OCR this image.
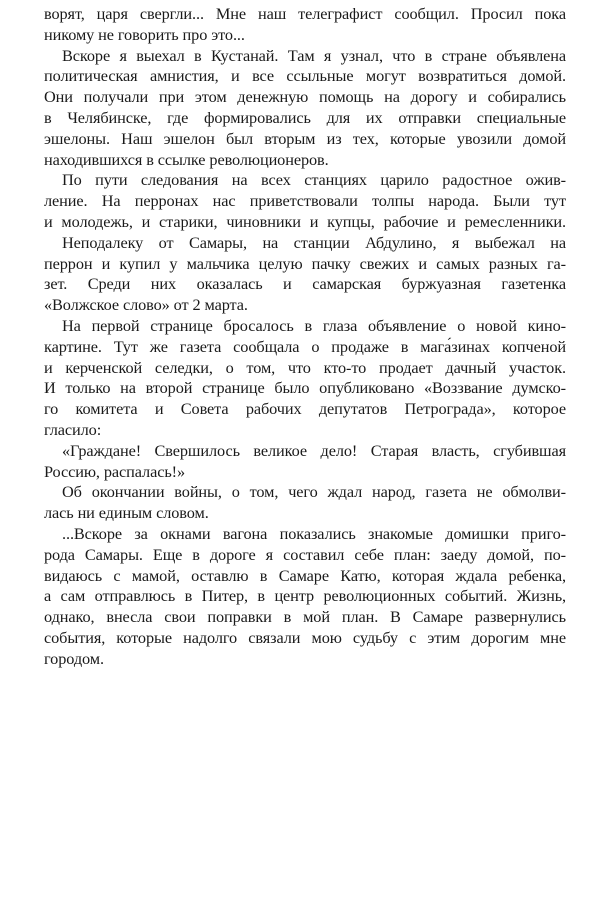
ворят, царя свергли... Мне наш телеграфист сообщил. Просил пока
никому не говорить про это...
Вскоре я выехал в Кустанай. Там я узнал, что в стране объявлена
политическая амнистия, и все ссыльные могут возвратиться домой.
Они получали при этом денежную помощь на дорогу и собирались
в Челябинске, где формировались для их отправки специальные
эшелоны. Наш эшелон был вторым из тех, которые увозили домой
находившихся в ссылке революционеров.
По пути следования на всех станциях царило радостное ожив-
ление. На перронах нас приветствовали толпы народа. Были тут
и молодежь, и старики, чиновники и купцы, рабочие и ремесленники.
Неподалеку от Самары, на станции Абдулино, я выбежал на
перрон и купил у мальчика целую пачку свежих и самых разных га-
зет. Среди них оказалась и самарская буржуазная газетенка
«Волжское слово» от 2 марта.
На первой странице бросалось в глаза объявление о новой кино-
картине. Тут же газета сообщала о продаже в мага́зинах копченой
и керченской селедки, о том, что кто-то продает дачный участок.
И только на второй странице было опубликовано «Воззвание думско-
го комитета и Совета рабочих депутатов Петрограда», которое
гласило:
«Граждане! Свершилось великое дело! Старая власть, сгубившая
Россию, распалась!»
Об окончании войны, о том, чего ждал народ, газета не обмолви-
лась ни единым словом.
...Вскоре за окнами вагона показались знакомые домишки приго-
рода Самары. Еще в дороге я составил себе план: заеду домой, по-
видаюсь с мамой, оставлю в Самаре Катю, которая ждала ребенка,
а сам отправлюсь в Питер, в центр революционных событий. Жизнь,
однако, внесла свои поправки в мой план. В Самаре развернулись
события, которые надолго связали мою судьбу с этим дорогим мне
городом.
